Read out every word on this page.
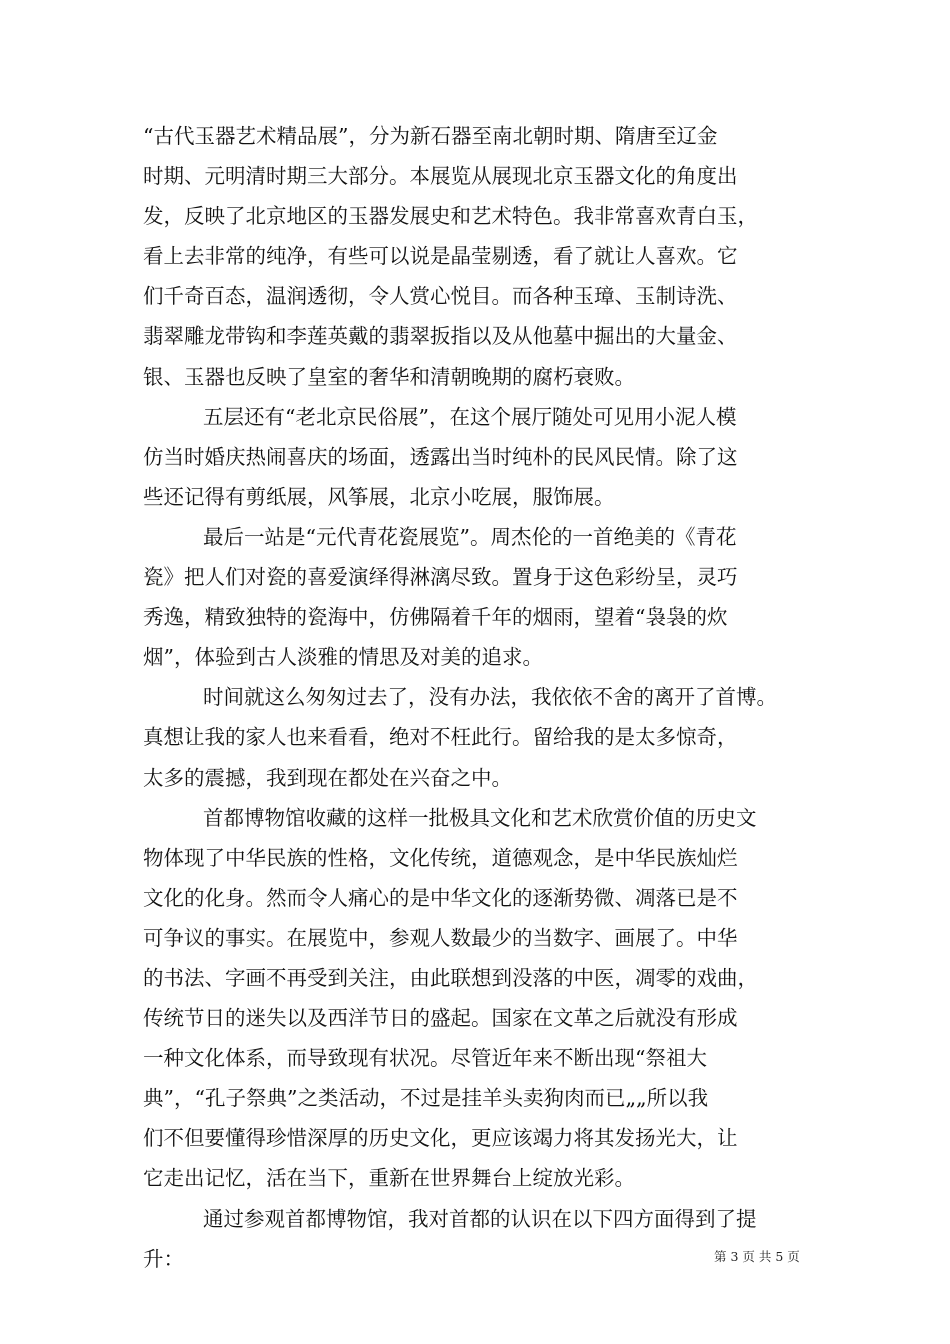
“古代玉器艺术精品展”，分为新石器至南北朝时期、隋唐至辽金
时期、元明清时期三大部分。本展览从展现北京玉器文化的角度出
发，反映了北京地区的玉器发展史和艺术特色。我非常喜欢青白玉，
看上去非常的纯净，有些可以说是晶莹剔透，看了就让人喜欢。它
们千奇百态，温润透彻，令人赏心悦目。而各种玉璋、玉制诗洗、
翡翠雕龙带钩和李莲英戴的翡翠扳指以及从他墓中掘出的大量金、
银、玉器也反映了皇室的奢华和清朝晚期的腐朽衰败。
五层还有“老北京民俗展”，在这个展厅随处可见用小泥人模
仿当时婚庆热闹喜庆的场面，透露出当时纯朴的民风民情。除了这
些还记得有剪纸展，风筝展，北京小吃展，服饰展。
最后一站是“元代青花瓷展览”。周杰伦的一首绝美的《青花
瓷》把人们对瓷的喜爱演绎得淋漓尽致。置身于这色彩纷呈，灵巧
秀逸，精致独特的瓷海中，仿佛隔着千年的烟雨，望着“袅袅的炊
烟”，体验到古人淡雅的情思及对美的追求。
时间就这么匆匆过去了，没有办法，我依依不舍的离开了首博。
真想让我的家人也来看看，绝对不枉此行。留给我的是太多惊奇，
太多的震撼，我到现在都处在兴奋之中。
首都博物馆收藏的这样一批极具文化和艺术欣赏价值的历史文
物体现了中华民族的性格，文化传统，道德观念，是中华民族灿烂
文化的化身。然而令人痛心的是中华文化的逐渐势微、凋落已是不
可争议的事实。在展览中，参观人数最少的当数字、画展了。中华
的书法、字画不再受到关注，由此联想到没落的中医，凋零的戏曲，
传统节日的迷失以及西洋节日的盛起。国家在文革之后就没有形成
一种文化体系，而导致现有状况。尽管近年来不断出现“祭祖大
典”，“孔子祭典”之类活动，不过是挂羊头卖狗肉而已„„所以我
们不但要懂得珍惜深厚的历史文化，更应该竭力将其发扬光大，让
它走出记忆，活在当下，重新在世界舞台上绽放光彩。
通过参观首都博物馆，我对首都的认识在以下四方面得到了提
升：	第 3 页 共 5 页
